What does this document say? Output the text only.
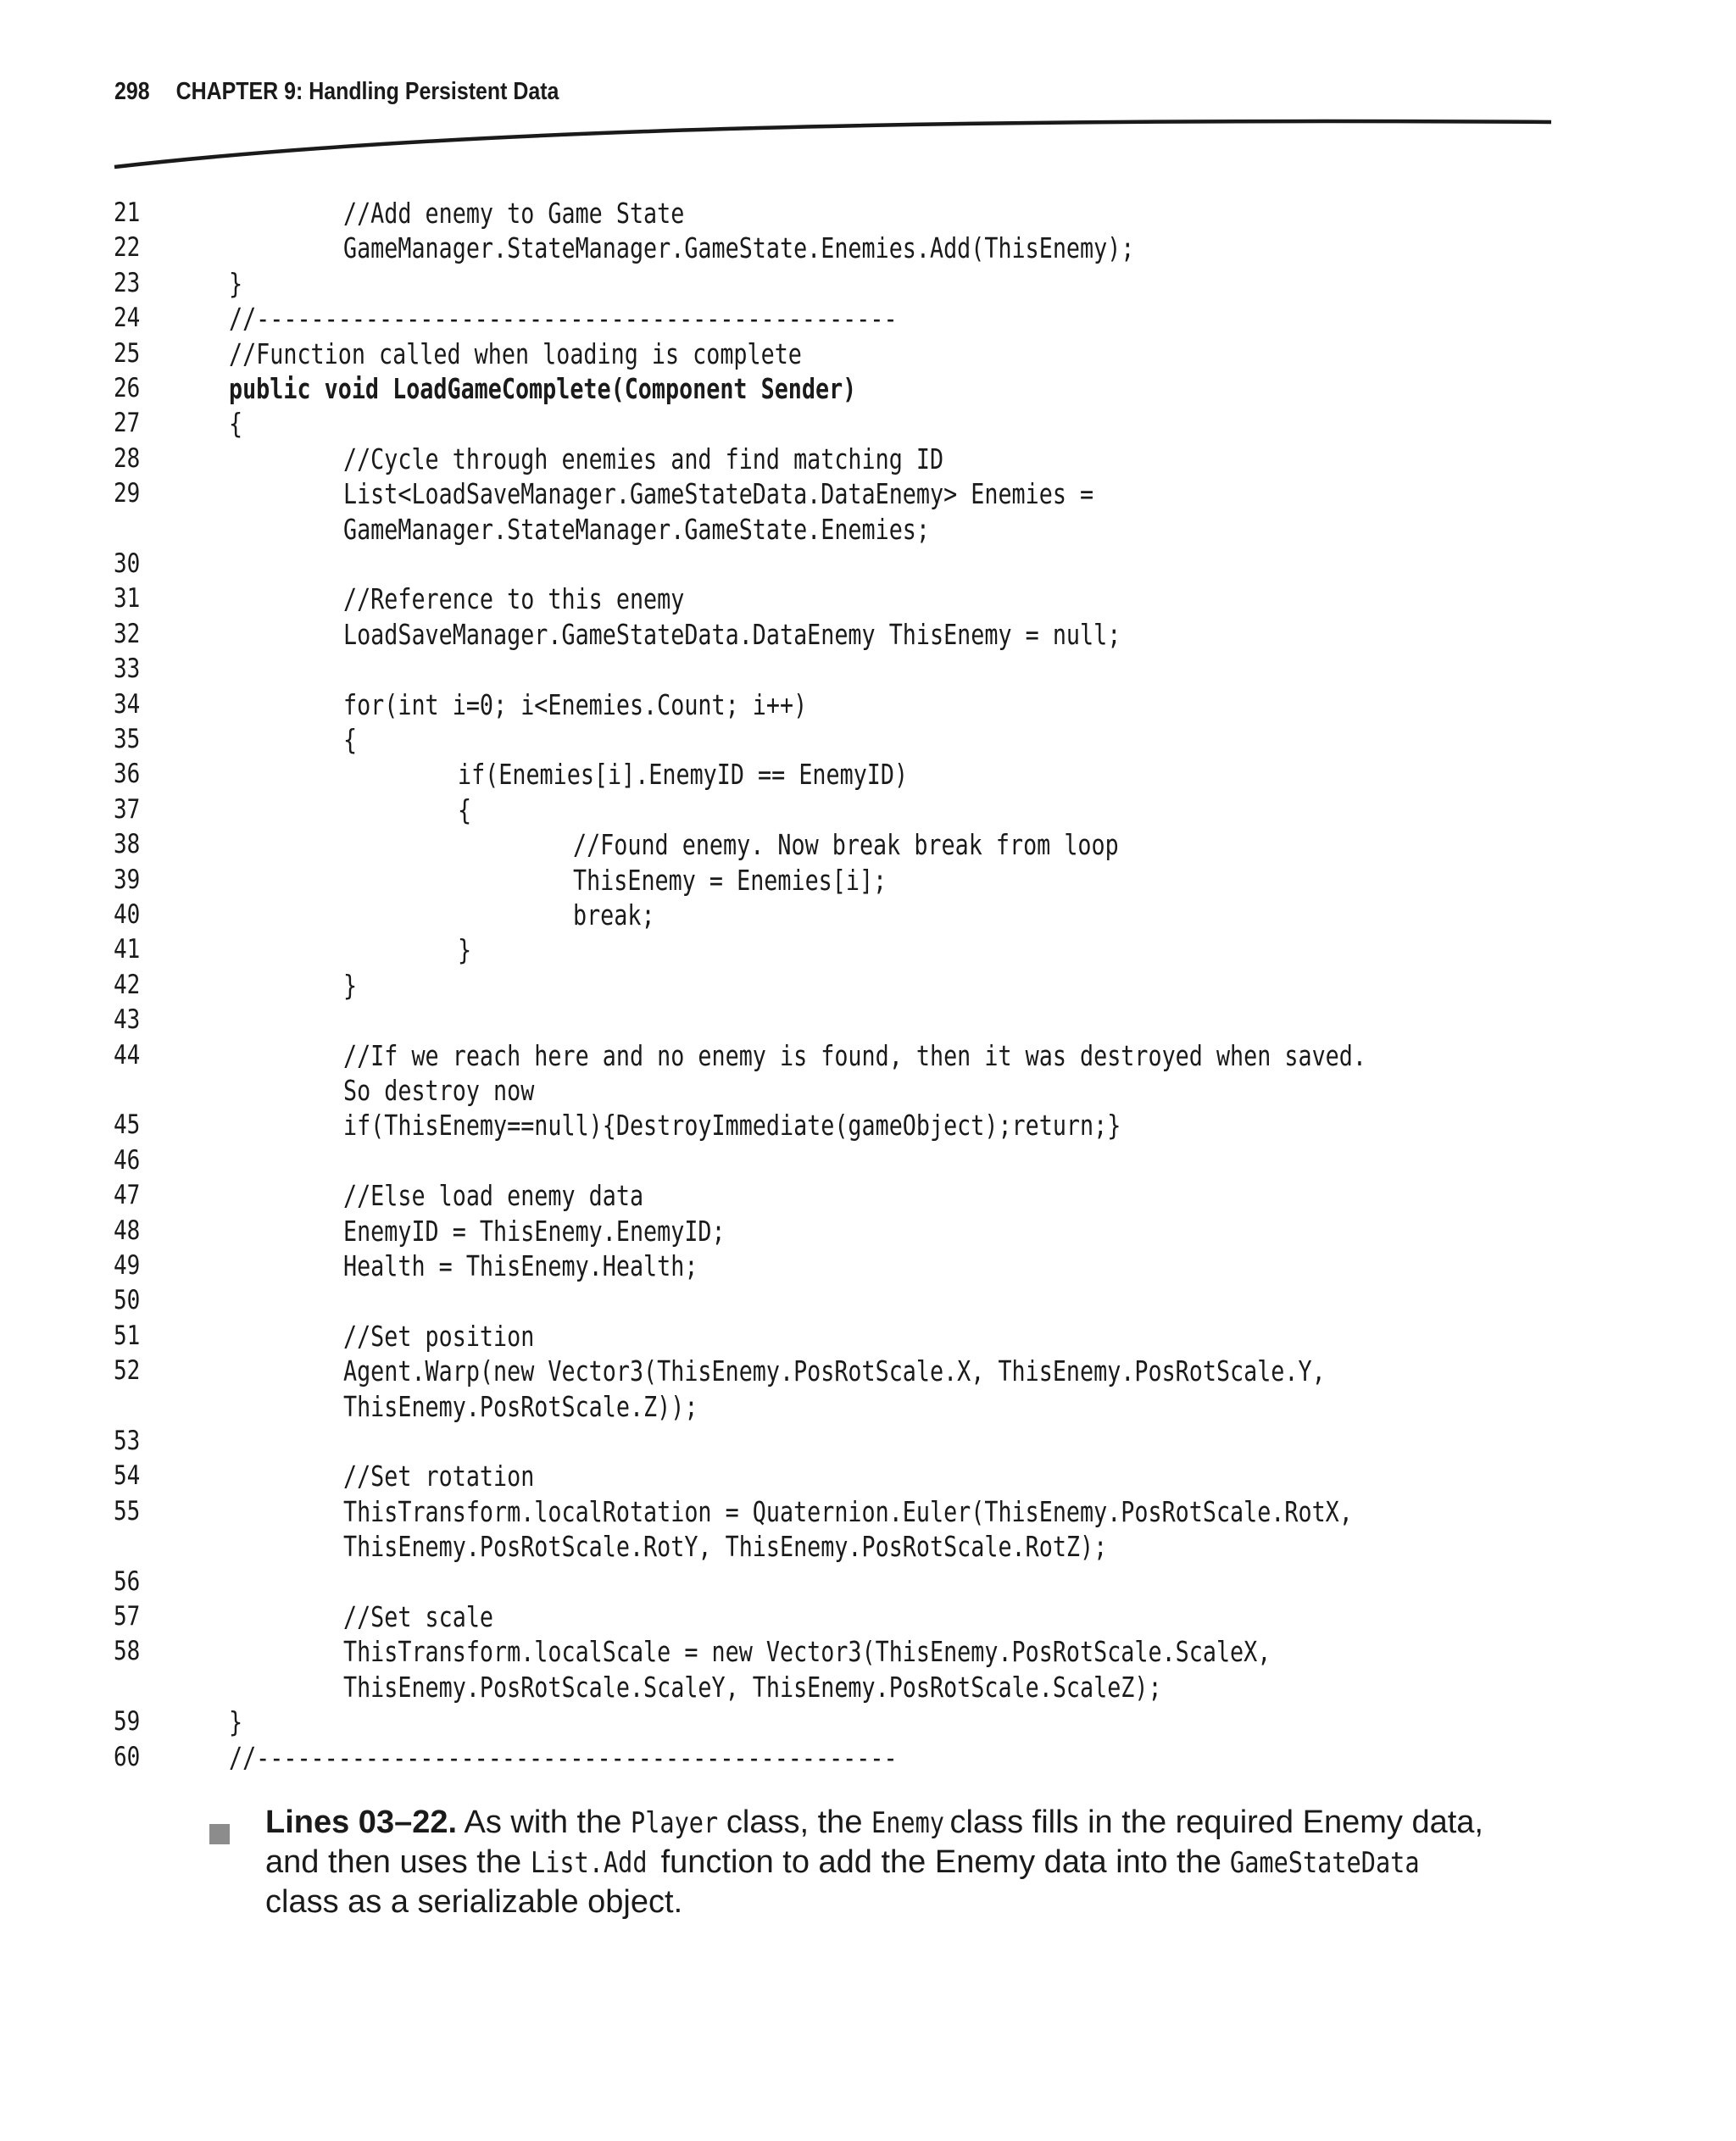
298 CHAPTER 9: Handling Persistent Data
21	//Add enemy to Game State
22	GameManager.StateManager.GameState.Enemies.Add(ThisEnemy);
23	}
24	//-----------------------------------------------
25	//Function called when loading is complete
26	public void LoadGameComplete(Component Sender)
27	{
28	//Cycle through enemies and find matching ID
29	List<LoadSaveManager.GameStateData.DataEnemy> Enemies =
GameManager.StateManager.GameState.Enemies;
30
31	//Reference to this enemy
32	LoadSaveManager.GameStateData.DataEnemy ThisEnemy = null;
33
34	for(int i=0; i<Enemies.Count; i++)
35	{
36	if(Enemies[i].EnemyID == EnemyID)
37	{
38	//Found enemy. Now break break from loop
39	ThisEnemy = Enemies[i];
40	break;
41	}
42	}
43
44	//If we reach here and no enemy is found, then it was destroyed when saved.
So destroy now
45	if(ThisEnemy==null){DestroyImmediate(gameObject);return;}
46
47	//Else load enemy data
48	EnemyID = ThisEnemy.EnemyID;
49	Health = ThisEnemy.Health;
50
51	//Set position
52	Agent.Warp(new Vector3(ThisEnemy.PosRotScale.X, ThisEnemy.PosRotScale.Y,
ThisEnemy.PosRotScale.Z));
53
54	//Set rotation
55	ThisTransform.localRotation = Quaternion.Euler(ThisEnemy.PosRotScale.RotX,
ThisEnemy.PosRotScale.RotY, ThisEnemy.PosRotScale.RotZ);
56
57	//Set scale
58	ThisTransform.localScale = new Vector3(ThisEnemy.PosRotScale.ScaleX,
ThisEnemy.PosRotScale.ScaleY, ThisEnemy.PosRotScale.ScaleZ);
59	}
60	//-----------------------------------------------
Lines 03–22. As with the Player class, the Enemy class fills in the required Enemy data, and then uses the List.Add function to add the Enemy data into the GameStateData class as a serializable object.
